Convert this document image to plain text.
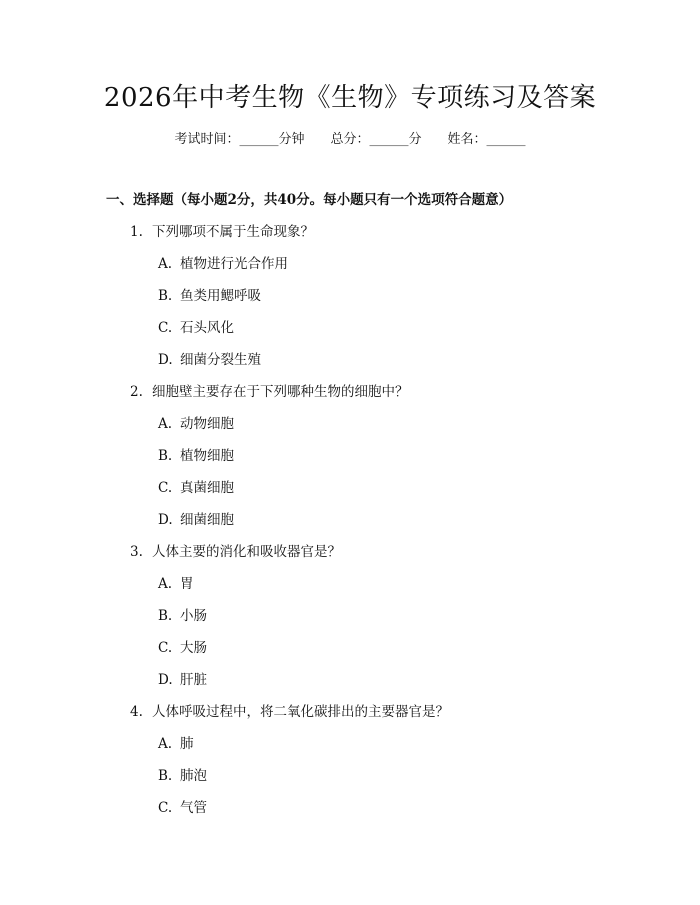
2026年中考生物《生物》专项练习及答案
考试时间：______分钟 总分：______分 姓名：______
一、选择题（每小题2分，共40分。每小题只有一个选项符合题意）
1. 下列哪项不属于生命现象？
A. 植物进行光合作用
B. 鱼类用鳃呼吸
C. 石头风化
D. 细菌分裂生殖
2. 细胞壁主要存在于下列哪种生物的细胞中？
A. 动物细胞
B. 植物细胞
C. 真菌细胞
D. 细菌细胞
3. 人体主要的消化和吸收器官是？
A. 胃
B. 小肠
C. 大肠
D. 肝脏
4. 人体呼吸过程中，将二氧化碳排出的主要器官是？
A. 肺
B. 肺泡
C. 气管
